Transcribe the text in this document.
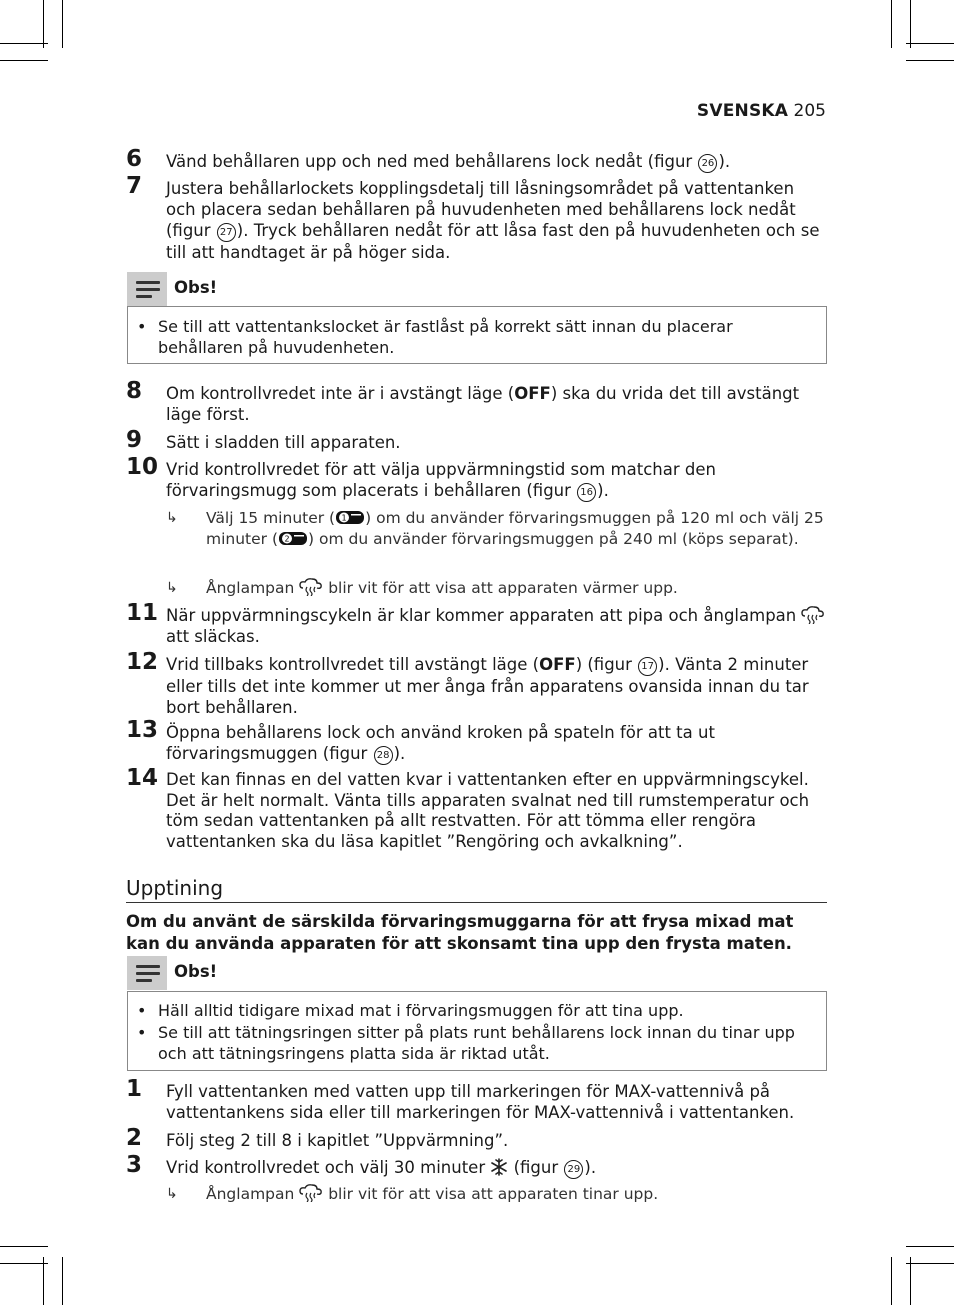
SVENSKA 205
6 Vänd behållaren upp och ned med behållarens lock nedåt (figur 26 ).
7 Justera behållarlockets kopplingsdetalj till låsningsområdet på vattentanken och placera sedan behållaren på huvudenheten med behållarens lock nedåt (figur 27 ). Tryck behållaren nedåt för att låsa fast den på huvudenheten och se till att handtaget är på höger sida.
Obs!
• Se till att vattentankslocket är fastlåst på korrekt sätt innan du placerar behållaren på huvudenheten.
8 Om kontrollvredet inte är i avstängt läge (OFF) ska du vrida det till avstängt läge först.
9 Sätt i sladden till apparaten.
10 Vrid kontrollvredet för att välja uppvärmningstid som matchar den förvaringsmugg som placerats i behållaren (figur 16 ).
↳ Välj 15 minuter ( 1 ) om du använder förvaringsmuggen på 120 ml och välj 25 minuter ( 2 ) om du använder förvaringsmuggen på 240 ml (köps separat).
↳ Ånglampan  blir vit för att visa att apparaten värmer upp.
11 När uppvärmningscykeln är klar kommer apparaten att pipa och ånglampan  att släckas.
12 Vrid tillbaks kontrollvredet till avstängt läge (OFF) (figur 17 ). Vänta 2 minuter eller tills det inte kommer ut mer ånga från apparatens ovansida innan du tar bort behållaren.
13 Öppna behållarens lock och använd kroken på spateln för att ta ut förvaringsmuggen (figur 28 ).
14 Det kan finnas en del vatten kvar i vattentanken efter en uppvärmningscykel. Det är helt normalt. Vänta tills apparaten svalnat ned till rumstemperatur och töm sedan vattentanken på allt restvatten. För att tömma eller rengöra vattentanken ska du läsa kapitlet ”Rengöring och avkalkning”.
Upptining
Om du använt de särskilda förvaringsmuggarna för att frysa mixad mat kan du använda apparaten för att skonsamt tina upp den frysta maten.
Obs!
• Häll alltid tidigare mixad mat i förvaringsmuggen för att tina upp.
• Se till att tätningsringen sitter på plats runt behållarens lock innan du tinar upp och att tätningsringens platta sida är riktad utåt.
1 Fyll vattentanken med vatten upp till markeringen för MAX-vattennivå på vattentankens sida eller till markeringen för MAX-vattennivå i vattentanken.
2 Följ steg 2 till 8 i kapitlet ”Uppvärmning”.
3 Vrid kontrollvredet och välj 30 minuter  (figur 29 ).
↳ Ånglampan  blir vit för att visa att apparaten tinar upp.
